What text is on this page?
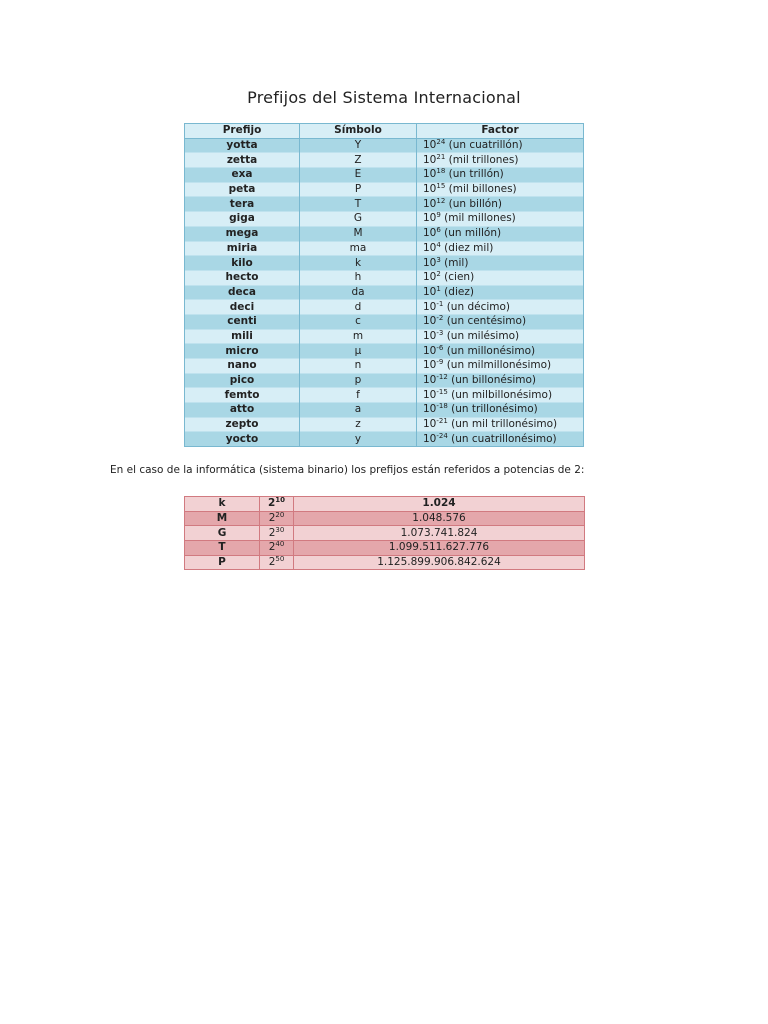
Prefijos del Sistema Internacional
Prefijo	Símbolo	Factor
yotta	Y	$10^{24}$ (un cuatrillón)
zetta	Z	$10^{21}$ (mil trillones)
exa	E	$10^{18}$ (un trillón)
peta	P	$10^{15}$ (mil billones)
tera	T	$10^{12}$ (un billón)
giga	G	$10^9$ (mil millones)
mega	M	$10^6$ (un millón)
miria	ma	$10^4$ (diez mil)
kilo	k	$10^3$ (mil)
hecto	h	$10^2$ (cien)
deca	da	$10^1$ (diez)
deci	d	$10^{-1}$ (un décimo)
centi	c	$10^{-2}$ (un centésimo)
mili	m	$10^{-3}$ (un milésimo)
micro	µ	$10^{-6}$ (un millonésimo)
nano	n	$10^{-9}$ (un milmillonésimo)
pico	p	$10^{-12}$ (un billonésimo)
femto	f	$10^{-15}$ (un milbillonésimo)
atto	a	$10^{-18}$ (un trillonésimo)
zepto	z	$10^{-21}$ (un mil trillonésimo)
yocto	y	$10^{-24}$ (un cuatrillonésimo)
En el caso de la informática (sistema binario) los prefijos están referidos a potencias de 2:
k	$2^{10}$	1.024
M	$2^{20}$	1.048.576
G	$2^{30}$	1.073.741.824
T	$2^{40}$	1.099.511.627.776
P	$2^{50}$	1.125.899.906.842.624
